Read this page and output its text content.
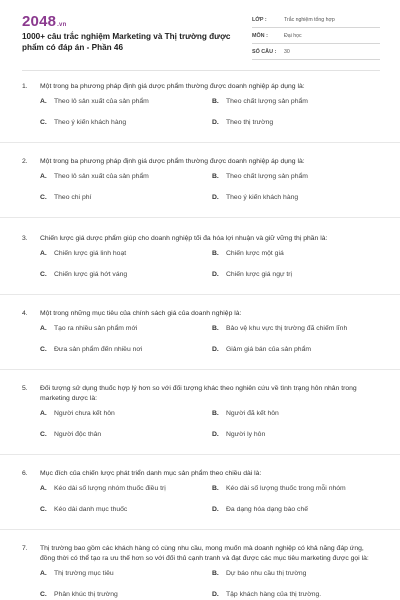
2048.vn
1000+ câu trắc nghiệm Marketing và Thị trường được phẩm có đáp án - Phần 46
LỚP :	Trắc nghiệm tổng hợp
MÔN :	Đại học
SỐ CÂU :	30
1.	Một trong ba phương pháp định giá dược phẩm thường được doanh nghiệp áp dụng là:
A.	Theo lô sản xuất của sản phẩm	B.	Theo chất lượng sản phẩm
C.	Theo ý kiến khách hàng	D.	Theo thị trường
2.	Một trong ba phương pháp định giá dược phẩm thường được doanh nghiệp áp dụng là:
A.	Theo lô sản xuất của sản phẩm	B.	Theo chất lượng sản phẩm
C.	Theo chi phí	D.	Theo ý kiến khách hàng
3.	Chiến lược giá dược phẩm giúp cho doanh nghiệp tối đa hóa lợi nhuận và giữ vững thị phần là:
A.	Chiến lược giá linh hoạt	B.	Chiến lược một giá
C.	Chiến lược giá hớt váng	D.	Chiến lược giá ngự trị
4.	Một trong những mục tiêu của chính sách giá của doanh nghiệp là:
A.	Tạo ra nhiều sản phẩm mới	B.	Bảo vệ khu vực thị trường đã chiếm lĩnh
C.	Đưa sản phẩm đến nhiều nơi	D.	Giảm giá bán của sản phẩm
5.	Đối tượng sử dụng thuốc hợp lý hơn so với đối tượng khác theo nghiên cứu về tình trạng hôn nhân trong marketing dược là:
A.	Người chưa kết hôn	B.	Người đã kết hôn
C.	Người độc thân	D.	Người ly hôn
6.	Mục đích của chiến lược phát triển danh mục sản phẩm theo chiều dài là:
A.	Kéo dài số lượng nhóm thuốc điều trị	B.	Kéo dài số lượng thuốc trong mỗi nhóm
C.	Kéo dài danh mục thuốc	D.	Đa dạng hóa dạng bào chế
7.	Thị trường bao gồm các khách hàng có cùng nhu cầu, mong muốn mà doanh nghiệp có khả năng đáp ứng, đồng thời có thể tạo ra ưu thế hơn so với đối thủ cạnh tranh và đạt được các mục tiêu marketing được gọi là:
A.	Thị trường mục tiêu	B.	Dự báo nhu cầu thị trường
C.	Phân khúc thị trường	D.	Tập khách hàng của thị trường.
